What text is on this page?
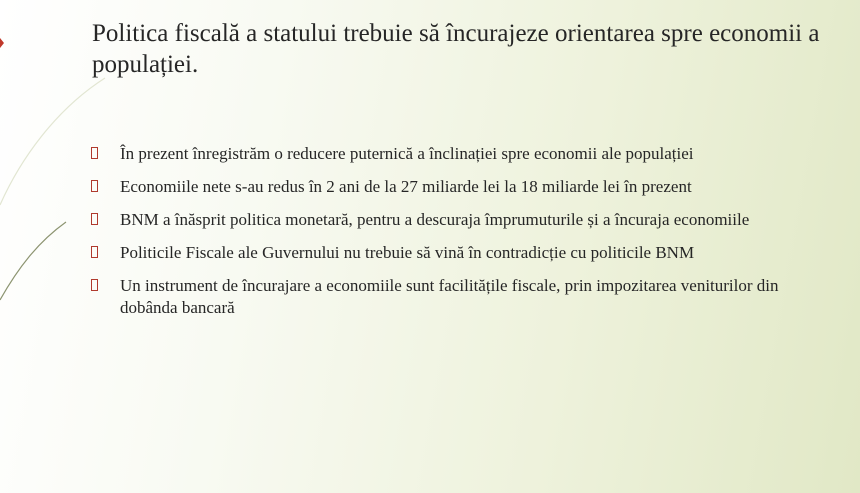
Politica fiscală a statului trebuie să încurajeze orientarea spre economii a populației.
În prezent înregistrăm o reducere puternică a înclinației spre economii ale populației
Economiile nete s-au redus în 2 ani de la 27 miliarde lei la 18 miliarde lei în prezent
BNM a înăsprit politica monetară, pentru a descuraja împrumuturile și a încuraja economiile
Politicile Fiscale ale Guvernului nu trebuie să vină în contradicție cu politicile BNM
Un instrument de încurajare a economiile sunt facilitățile fiscale, prin impozitarea veniturilor din dobânda bancară
